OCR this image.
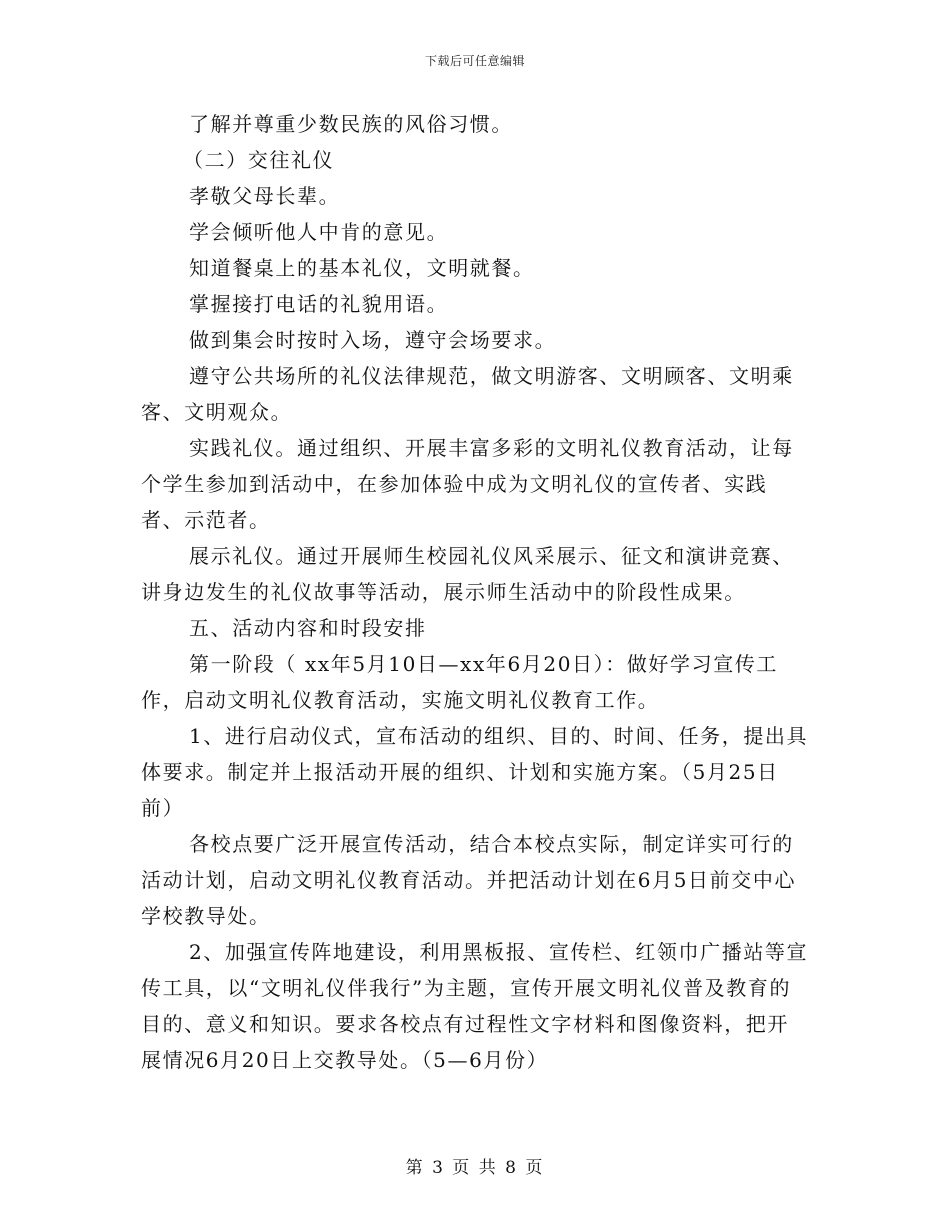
下载后可任意编辑

了解并尊重少数民族的风俗习惯。

（二）交往礼仪

孝敬父母长辈。

学会倾听他人中肯的意见。

知道餐桌上的基本礼仪，文明就餐。

掌握接打电话的礼貌用语。

做到集会时按时入场，遵守会场要求。

遵守公共场所的礼仪法律规范，做文明游客、文明顾客、文明乘客、文明观众。

实践礼仪。通过组织、开展丰富多彩的文明礼仪教育活动，让每个学生参加到活动中，在参加体验中成为文明礼仪的宣传者、实践者、示范者。

展示礼仪。通过开展师生校园礼仪风采展示、征文和演讲竞赛、讲身边发生的礼仪故事等活动，展示师生活动中的阶段性成果。

五、活动内容和时段安排

第一阶段（ xx年5月10日—xx年6月20日）：做好学习宣传工作，启动文明礼仪教育活动，实施文明礼仪教育工作。

1、进行启动仪式，宣布活动的组织、目的、时间、任务，提出具体要求。制定并上报活动开展的组织、计划和实施方案。（5月25日前）

各校点要广泛开展宣传活动，结合本校点实际，制定详实可行的活动计划，启动文明礼仪教育活动。并把活动计划在6月5日前交中心学校教导处。

2、加强宣传阵地建设，利用黑板报、宣传栏、红领巾广播站等宣传工具，以“文明礼仪伴我行”为主题，宣传开展文明礼仪普及教育的目的、意义和知识。要求各校点有过程性文字材料和图像资料，把开展情况6月20日上交教导处。（5—6月份）

第 3 页 共 8 页
